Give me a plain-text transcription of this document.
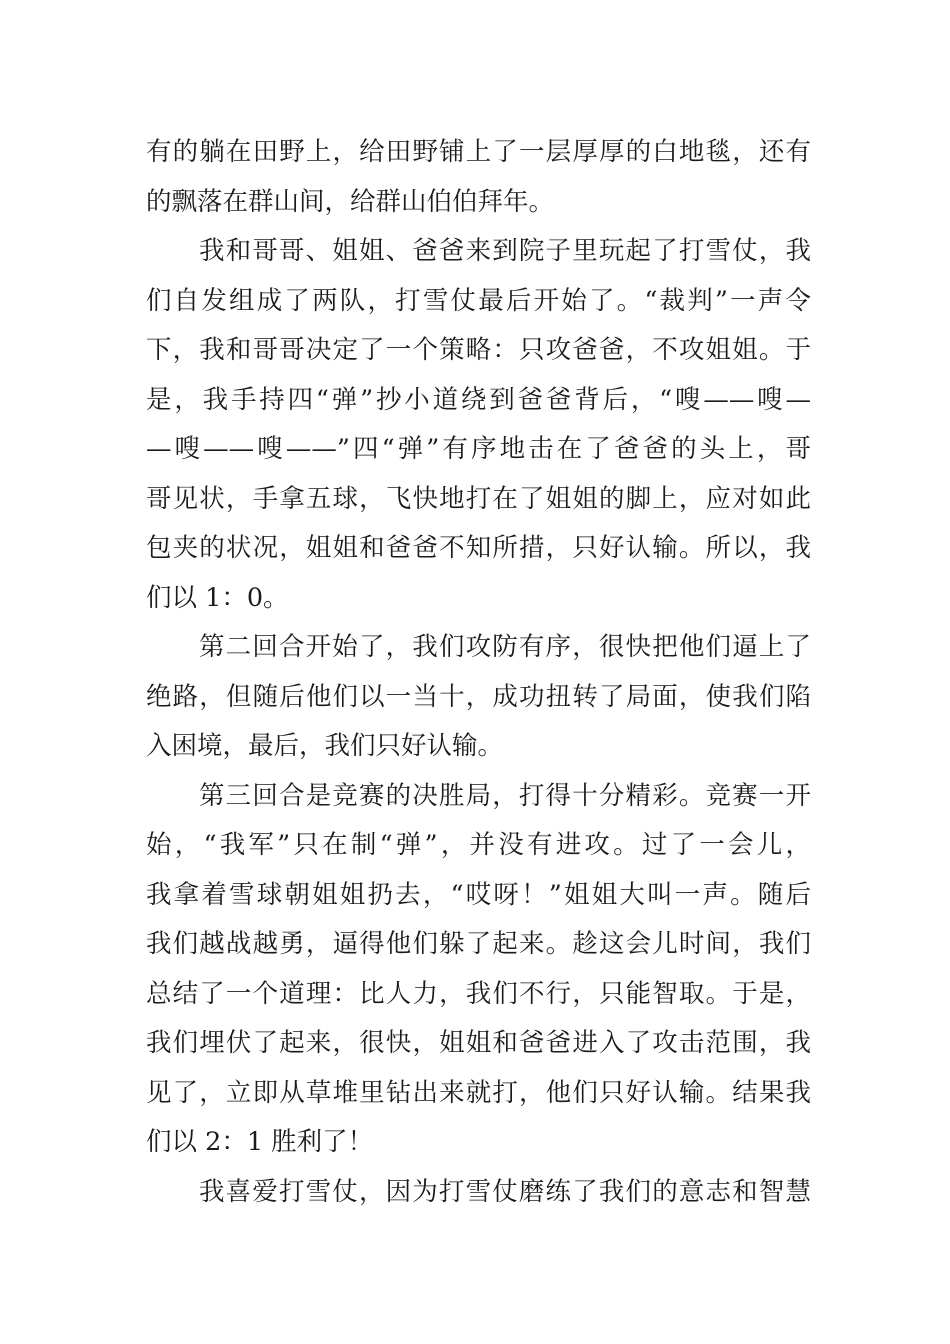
有的躺在田野上，给田野铺上了一层厚厚的白地毯，还有
的飘落在群山间，给群山伯伯拜年。
我和哥哥、姐姐、爸爸来到院子里玩起了打雪仗，我
们自发组成了两队，打雪仗最后开始了。“裁判”一声令
下，我和哥哥决定了一个策略：只攻爸爸，不攻姐姐。于
是，我手持四“弹”抄小道绕到爸爸背后，“嗖——嗖—
—嗖——嗖——”四“弹”有序地击在了爸爸的头上，哥
哥见状，手拿五球，飞快地打在了姐姐的脚上，应对如此
包夹的状况，姐姐和爸爸不知所措，只好认输。所以，我
们以 1：0。
第二回合开始了，我们攻防有序，很快把他们逼上了
绝路，但随后他们以一当十，成功扭转了局面，使我们陷
入困境，最后，我们只好认输。
第三回合是竞赛的决胜局，打得十分精彩。竞赛一开
始，“我军”只在制“弹”，并没有进攻。过了一会儿，
我拿着雪球朝姐姐扔去，“哎呀！”姐姐大叫一声。随后
我们越战越勇，逼得他们躲了起来。趁这会儿时间，我们
总结了一个道理：比人力，我们不行，只能智取。于是，
我们埋伏了起来，很快，姐姐和爸爸进入了攻击范围，我
见了，立即从草堆里钻出来就打，他们只好认输。结果我
们以 2：1 胜利了！
我喜爱打雪仗，因为打雪仗磨练了我们的意志和智慧
